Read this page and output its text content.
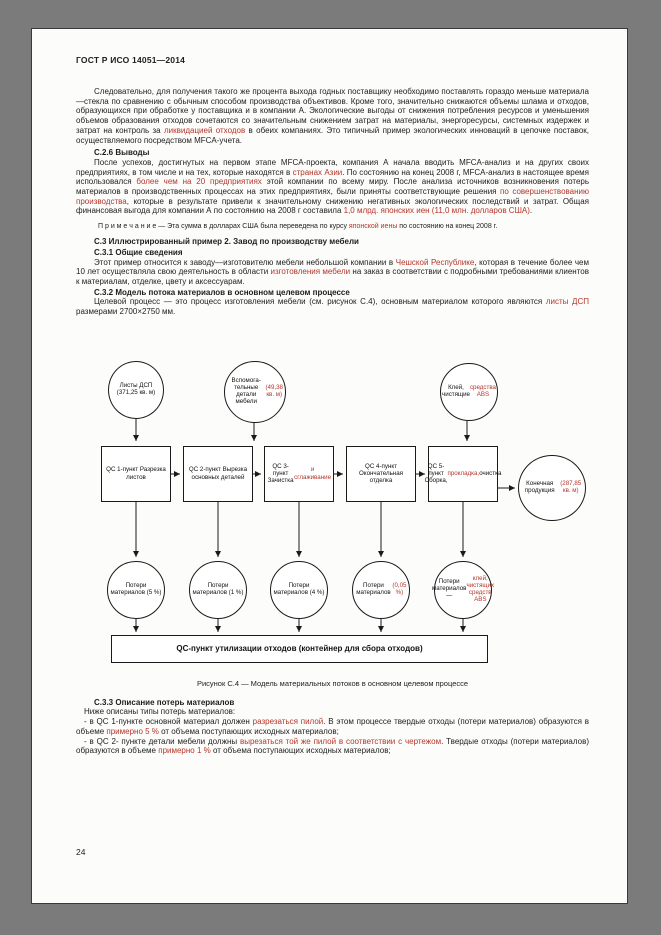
ГОСТ Р ИСО 14051—2014

Следовательно, для получения такого же процента выхода годных поставщику необходимо поставлять гораздо меньше материала—стекла по сравнению с обычным способом производства объективов. Кроме того, значительно снижаются объемы шлама и отходов, образующихся при обработке у поставщика и в компании А. Экологические выгоды от снижения потребления ресурсов и уменьшения объемов образования отходов сочетаются со значительным снижением затрат на материалы, энергоресурсы, системных издержек и затрат на контроль за ликвидацией отходов в обеих компаниях. Это типичный пример экологических инноваций в цепочке поставок, осуществляемого посредством MFCA-учета.

С.2.6 Выводы

После успехов, достигнутых на первом этапе MFCA-проекта, компания А начала вводить MFCA-анализ и на других своих предприятиях, в том числе и на тех, которые находятся в странах Азии. По состоянию на конец 2008 г, MFCA-анализ в настоящее время использовался более чем на 20 предприятиях этой компании по всему миру. После анализа источников возникновения потерь материалов в производственных процессах на этих предприятиях, были приняты соответствующие решения по совершенствованию производства, которые в результате привели к значительному снижению негативных экологических последствий и затрат. Общая финансовая выгода для компании А по состоянию на 2008 г составила 1,0 млрд. японских иен (11,0 млн. долларов США).

П р и м е ч а н и е — Эта сумма в долларах США была переведена по курсу японской иены по состоянию на конец 2008 г.

С.3 Иллюстрированный пример 2. Завод по производству мебели

С.3.1 Общие сведения

Этот пример относится к заводу—изготовителю мебели небольшой компании в Чешской Республике, которая в течение более чем 10 лет осуществляла свою деятельность в области изготовления мебели на заказ в соответствии с подробными требованиями клиентов к материалам, отделке, цвету и аксессуарам.

С.3.2 Модель потока материалов в основном целевом процессе

Целевой процесс — это процесс изготовления мебели (см. рисунок С.4), основным материалом которого являются листы ДСП размерами 2700×2750 мм.

Листы ДСП (371,25 кв. м)
Вспомога- тельные детали мебели
(49,38 кв. м)
Клей, чистящие
средства ABS
QC 1-пункт Разрезка листов
QC 2-пункт Вырезка основных деталей
QC 3-пункт Зачистка
и сглаживание
QC 4-пункт Окончательная отделка
QC 5-пункт Сборка,
прокладка, очистка
Конечная продукция
(287,85 кв. м)
Потери материалов (5 %)
Потери материалов (1 %)
Потери материалов (4 %)
Потери материалов
(0,05 %)
Потери материалов—
клей, чистящих средств ABS
QC-пункт утилизации отходов (контейнер для сбора отходов)

Рисунок С.4 — Модель материальных потоков в основном целевом процессе

С.3.3 Описание потерь материалов

Ниже описаны типы потерь материалов:

- в QC 1-пункте основной материал должен разрезаться пилой. В этом процессе твердые отходы (потери материалов) образуются в объеме примерно 5 % от объема поступающих исходных материалов;

- в QC 2- пункте детали мебели должны вырезаться той же пилой в соответствии с чертежом. Твердые отходы (потери материалов) образуются в объеме примерно 1 % от объема поступающих исходных материалов;

24
